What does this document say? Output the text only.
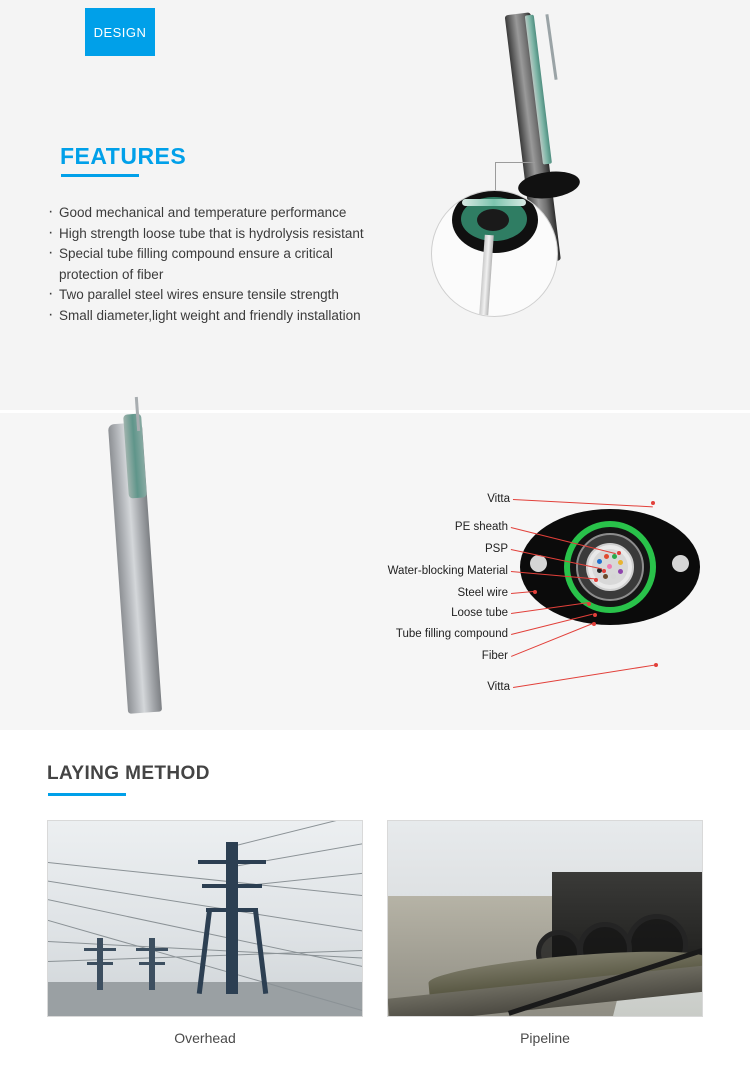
DESIGN
FEATURES
· Good mechanical and temperature performance
· High strength loose tube that is hydrolysis resistant
· Special tube filling compound ensure a critical protection of fiber
· Two parallel steel wires ensure tensile strength
· Small diameter,light weight and friendly installation
Vitta
PE sheath
PSP
Water-blocking Material
Steel wire
Loose tube
Tube filling compound
Fiber
Vitta
LAYING METHOD
Overhead	Pipeline
